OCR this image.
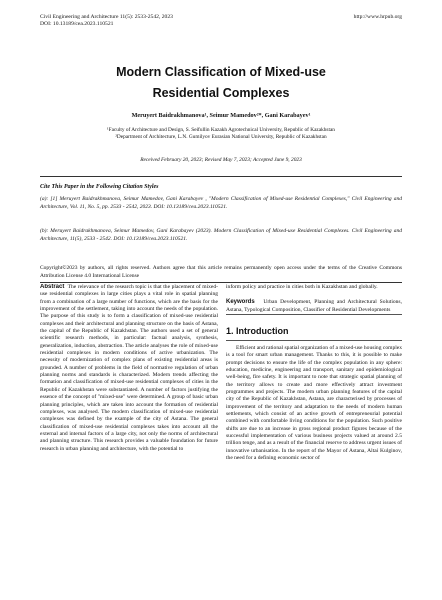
Civil Engineering and Architecture 11(5): 2533-2542, 2023
DOI: 10.13189/cea.2023.110521
http://www.hrpub.org
Modern Classification of Mixed-use
Residential Complexes
Meruyert Baidrakhmanova¹, Seimur Mamedov²*, Gani Karabayev¹
¹Faculty of Architecture and Design, S. Seifullin Kazakh Agrotechnical University, Republic of Kazakhstan
²Department of Architecture, L.N. Gumilyov Eurasian National University, Republic of Kazakhstan
Received February 20, 2023; Revised May 7, 2023; Accepted June 9, 2023
Cite This Paper in the Following Citation Styles
(a): [1] Meruyert Baidrakhmanova, Seimur Mamedov, Gani Karabayev , "Modern Classification of Mixed-use Residential Complexes," Civil Engineering and Architecture, Vol. 11, No. 5, pp. 2533 - 2542, 2023. DOI: 10.13189/cea.2023.110521.
(b): Meruyert Baidrakhmanova, Seimur Mamedov, Gani Karabayev (2023). Modern Classification of Mixed-use Residential Complexes. Civil Engineering and Architecture, 11(5), 2533 - 2542. DOI: 10.13189/cea.2023.110521.
Copyright©2023 by authors, all rights reserved. Authors agree that this article remains permanently open access under the terms of the Creative Commons Attribution License 4.0 International License
Abstract The relevance of the research topic is that the placement of mixed-use residential complexes in large cities plays a vital role in spatial planning from a combination of a large number of functions, which are the basis for the improvement of the settlement, taking into account the needs of the population. The purpose of this study is to form a classification of mixed-use residential complexes and their architectural and planning structure on the basis of Astana, the capital of the Republic of Kazakhstan. The authors used a set of general scientific research methods, in particular: factual analysis, synthesis, generalization, induction, abstraction. The article analyses the role of mixed-use residential complexes in modern conditions of active urbanization. The necessity of modernization of complex plans of existing residential areas is grounded. A number of problems in the field of normative regulation of urban planning norms and standards is characterized. Modern trends affecting the formation and classification of mixed-use residential complexes of cities in the Republic of Kazakhstan were substantiated. A number of factors justifying the essence of the concept of "mixed-use" were determined. A group of basic urban planning principles, which are taken into account the formation of residential complexes, was analysed. The modern classification of mixed-use residential complexes was defined by the example of the city of Astana. The general classification of mixed-use residential complexes takes into account all the external and internal factors of a large city, not only the norms of architectural and planning structure. This research provides a valuable foundation for future research in urban planning and architecture, with the potential to
inform policy and practice in cities both in Kazakhstan and globally.
Keywords Urban Development, Planning and Architectural Solutions, Astana, Typological Composition, Classifier of Residential Developments
1. Introduction
Efficient and rational spatial organization of a mixed-use housing complex is a tool for smart urban management. Thanks to this, it is possible to make prompt decisions to ensure the life of the complex population in any sphere: education, medicine, engineering and transport, sanitary and epidemiological well-being, fire safety. It is important to note that strategic spatial planning of the territory allows to create and more effectively attract investment programmes and projects. The modern urban planning features of the capital city of the Republic of Kazakhstan, Astana, are characterised by processes of improvement of the territory and adaptation to the needs of modern human settlements, which consist of an active growth of entrepreneurial potential combined with comfortable living conditions for the population. Such positive shifts are due to an increase in gross regional product figures because of the successful implementation of various business projects valued at around 2.5 trillion tenge, and as a result of the financial reserve to address urgent issues of innovative urbanisation. In the report of the Mayor of Astana, Altai Kulginov, the need for a defining economic sector of
